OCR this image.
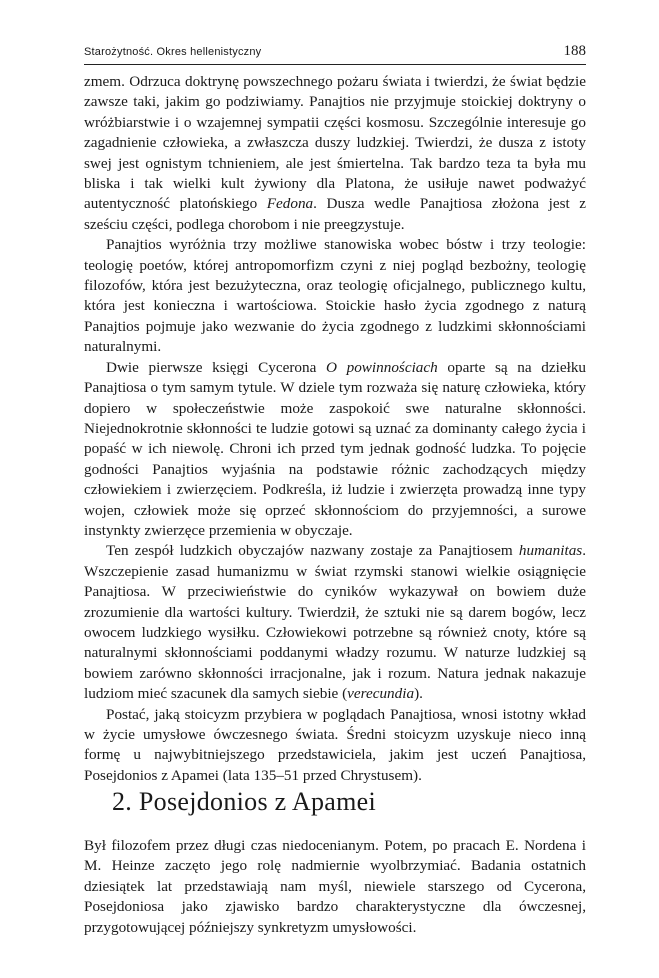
Starożytność. Okres hellenistyczny	188

zmem. Odrzuca doktrynę powszechnego pożaru świata i twierdzi, że świat będzie zawsze taki, jakim go podziwiamy. Panajtios nie przyjmuje stoickiej doktryny o wróżbiarstwie i o wzajemnej sympatii części kosmosu. Szczególnie interesuje go zagadnienie człowieka, a zwłaszcza duszy ludzkiej. Twierdzi, że dusza z istoty swej jest ognistym tchnieniem, ale jest śmiertelna. Tak bardzo teza ta była mu bliska i tak wielki kult żywiony dla Platona, że usiłuje nawet podważyć autentyczność platońskiego Fedona. Dusza wedle Panajtiosa złożona jest z sześciu części, podlega chorobom i nie preegzystuje.

Panajtios wyróżnia trzy możliwe stanowiska wobec bóstw i trzy teologie: teologię poetów, której antropomorfizm czyni z niej pogląd bezbożny, teologię filozofów, która jest bezużyteczna, oraz teologię oficjalnego, publicznego kultu, która jest konieczna i wartościowa. Stoickie hasło życia zgodnego z naturą Panajtios pojmuje jako wezwanie do życia zgodnego z ludzkimi skłonnościami naturalnymi.

Dwie pierwsze księgi Cycerona O powinnościach oparte są na dziełku Panajtiosa o tym samym tytule. W dziele tym rozważa się naturę człowieka, który dopiero w społeczeństwie może zaspokoić swe naturalne skłonności. Niejednokrotnie skłonności te ludzie gotowi są uznać za dominanty całego życia i popaść w ich niewolę. Chroni ich przed tym jednak godność ludzka. To pojęcie godności Panajtios wyjaśnia na podstawie różnic zachodzących między człowiekiem i zwierzęciem. Podkreśla, iż ludzie i zwierzęta prowadzą inne typy wojen, człowiek może się oprzeć skłonnościom do przyjemności, a surowe instynkty zwierzęce przemienia w obyczaje.

Ten zespół ludzkich obyczajów nazwany zostaje za Panajtiosem humanitas. Wszczepienie zasad humanizmu w świat rzymski stanowi wielkie osiągnięcie Panajtiosa. W przeciwieństwie do cyników wykazywał on bowiem duże zrozumienie dla wartości kultury. Twierdził, że sztuki nie są darem bogów, lecz owocem ludzkiego wysiłku. Człowiekowi potrzebne są również cnoty, które są naturalnymi skłonnościami poddanymi władzy rozumu. W naturze ludzkiej są bowiem zarówno skłonności irracjonalne, jak i rozum. Natura jednak nakazuje ludziom mieć szacunek dla samych siebie (verecundia).

Postać, jaką stoicyzm przybiera w poglądach Panajtiosa, wnosi istotny wkład w życie umysłowe ówczesnego świata. Średni stoicyzm uzyskuje nieco inną formę u najwybitniejszego przedstawiciela, jakim jest uczeń Panajtiosa, Posejdonios z Apamei (lata 135–51 przed Chrystusem).

2. Posejdonios z Apamei

Był filozofem przez długi czas niedocenianym. Potem, po pracach E. Nordena i M. Heinze zaczęto jego rolę nadmiernie wyolbrzymiać. Badania ostatnich dziesiątek lat przedstawiają nam myśl, niewiele starszego od Cycerona, Posejdoniosa jako zjawisko bardzo charakterystyczne dla ówczesnej, przygotowującej późniejszy synkretyzm umysłowości.
